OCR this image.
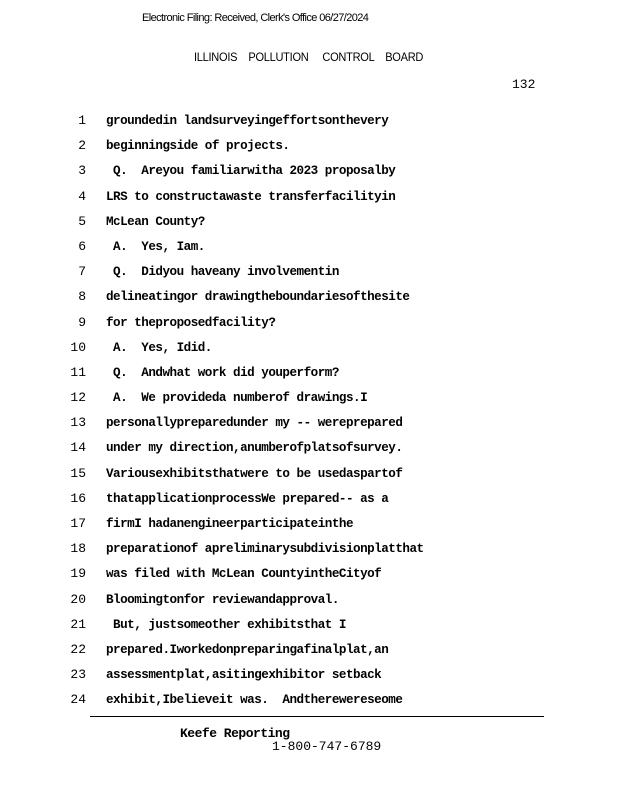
Electronic Filing: Received, Clerk's Office 06/27/2024
ILLINOIS    POLLUTION     CONTROL    BOARD
132
1 groundedin landsurveyingeffortsonthevery
2 beginningside of projects.
3 Q.  Areyou familiarwitha 2023 proposalby
4 LRS to constructawaste transferfacilityin
5 McLean County?
6 A.  Yes, Iam.
7 Q.  Didyou haveany involvementin
8 delineatingor drawingtheboundariesofthesite
9 for theproposedfacility?
10 A.  Yes, Idid.
11 Q.  Andwhat work did youperform?
12 A.  We provideda numberof drawings.I
13 personallypreparedunder my -- wereprepared
14 under my direction,anumberofplatsofsurvey.
15 Variousexhibitsthatwere to be usedaspartof
16 thatapplicationprocessWe prepared-- as a
17 firmI hadanengineerparticipateinthe
18 preparationof apreliminarysubdivisionplatthat
19 was filed with McLean CountyintheCityof
20 Bloomingtonfor reviewandapproval.
21 But, justsomeother exhibitsthat I
22 prepared.Iworkedonpreparingafinalplat,an
23 assessmentplat,asitingexhibitor setback
24 exhibit,Ibelieveit was.  Andtherewereseome
Keefe Reporting
1-800-747-6789
